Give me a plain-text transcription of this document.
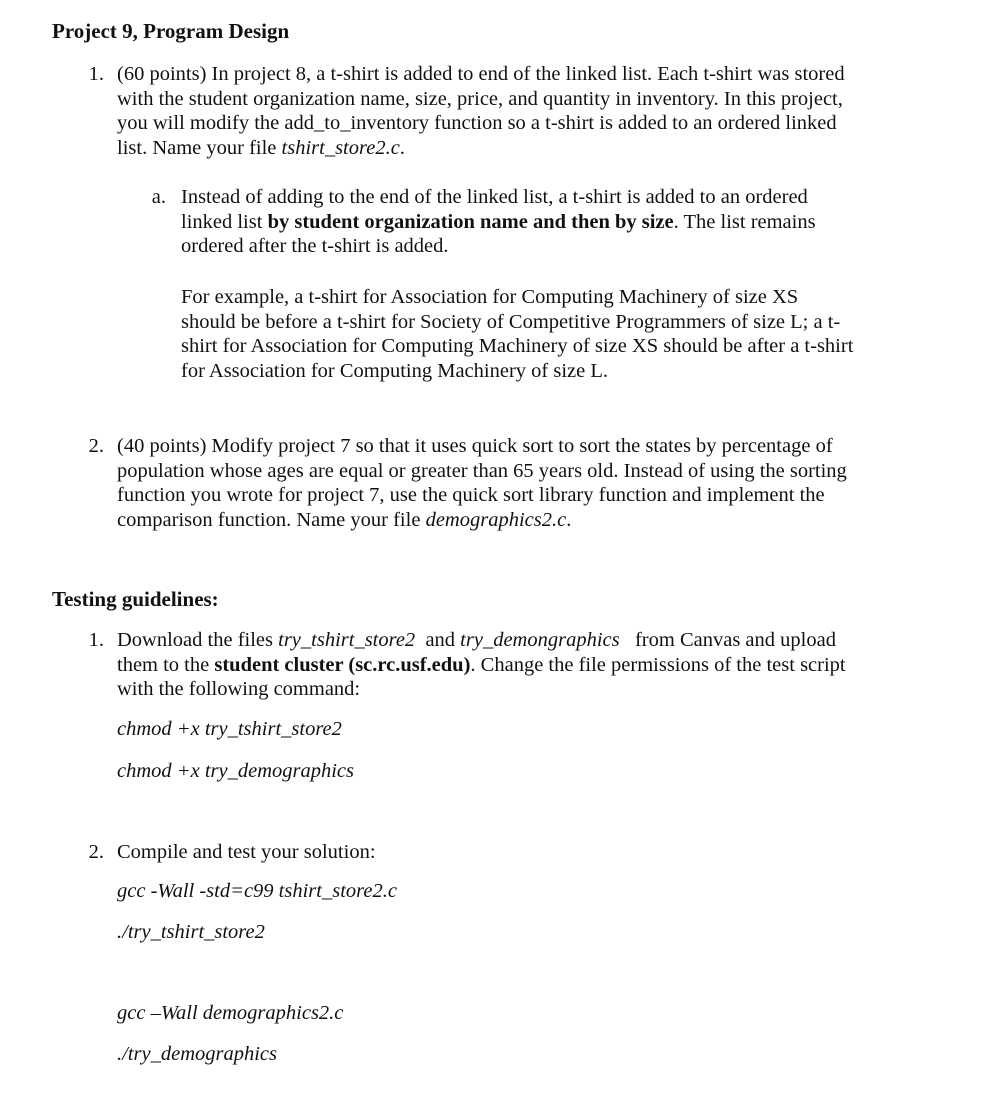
Project 9, Program Design
1. (60 points) In project 8, a t-shirt is added to end of the linked list. Each t-shirt was stored

with the student organization name, size, price, and quantity in inventory. In this project,

you will modify the add_to_inventory function so a t-shirt is added to an ordered linked

list. Name your file tshirt_store2.c.

a. Instead of adding to the end of the linked list, a t-shirt is added to an ordered

linked list by student organization name and then by size. The list remains

ordered after the t-shirt is added.

For example, a t-shirt for Association for Computing Machinery of size XS

should be before a t-shirt for Society of Competitive Programmers of size L; a t-

shirt for Association for Computing Machinery of size XS should be after a t-shirt

for Association for Computing Machinery of size L.

2. (40 points) Modify project 7 so that it uses quick sort to sort the states by percentage of

population whose ages are equal or greater than 65 years old. Instead of using the sorting

function you wrote for project 7, use the quick sort library function and implement the

comparison function. Name your file demographics2.c.

Testing guidelines:
1. Download the files try_tshirt_store2  and try_demongraphics   from Canvas and upload

them to the student cluster (sc.rc.usf.edu). Change the file permissions of the test script

with the following command:

chmod +x try_tshirt_store2

chmod +x try_demographics

2. Compile and test your solution:

gcc -Wall -std=c99 tshirt_store2.c

./try_tshirt_store2

gcc –Wall demographics2.c

./try_demographics
